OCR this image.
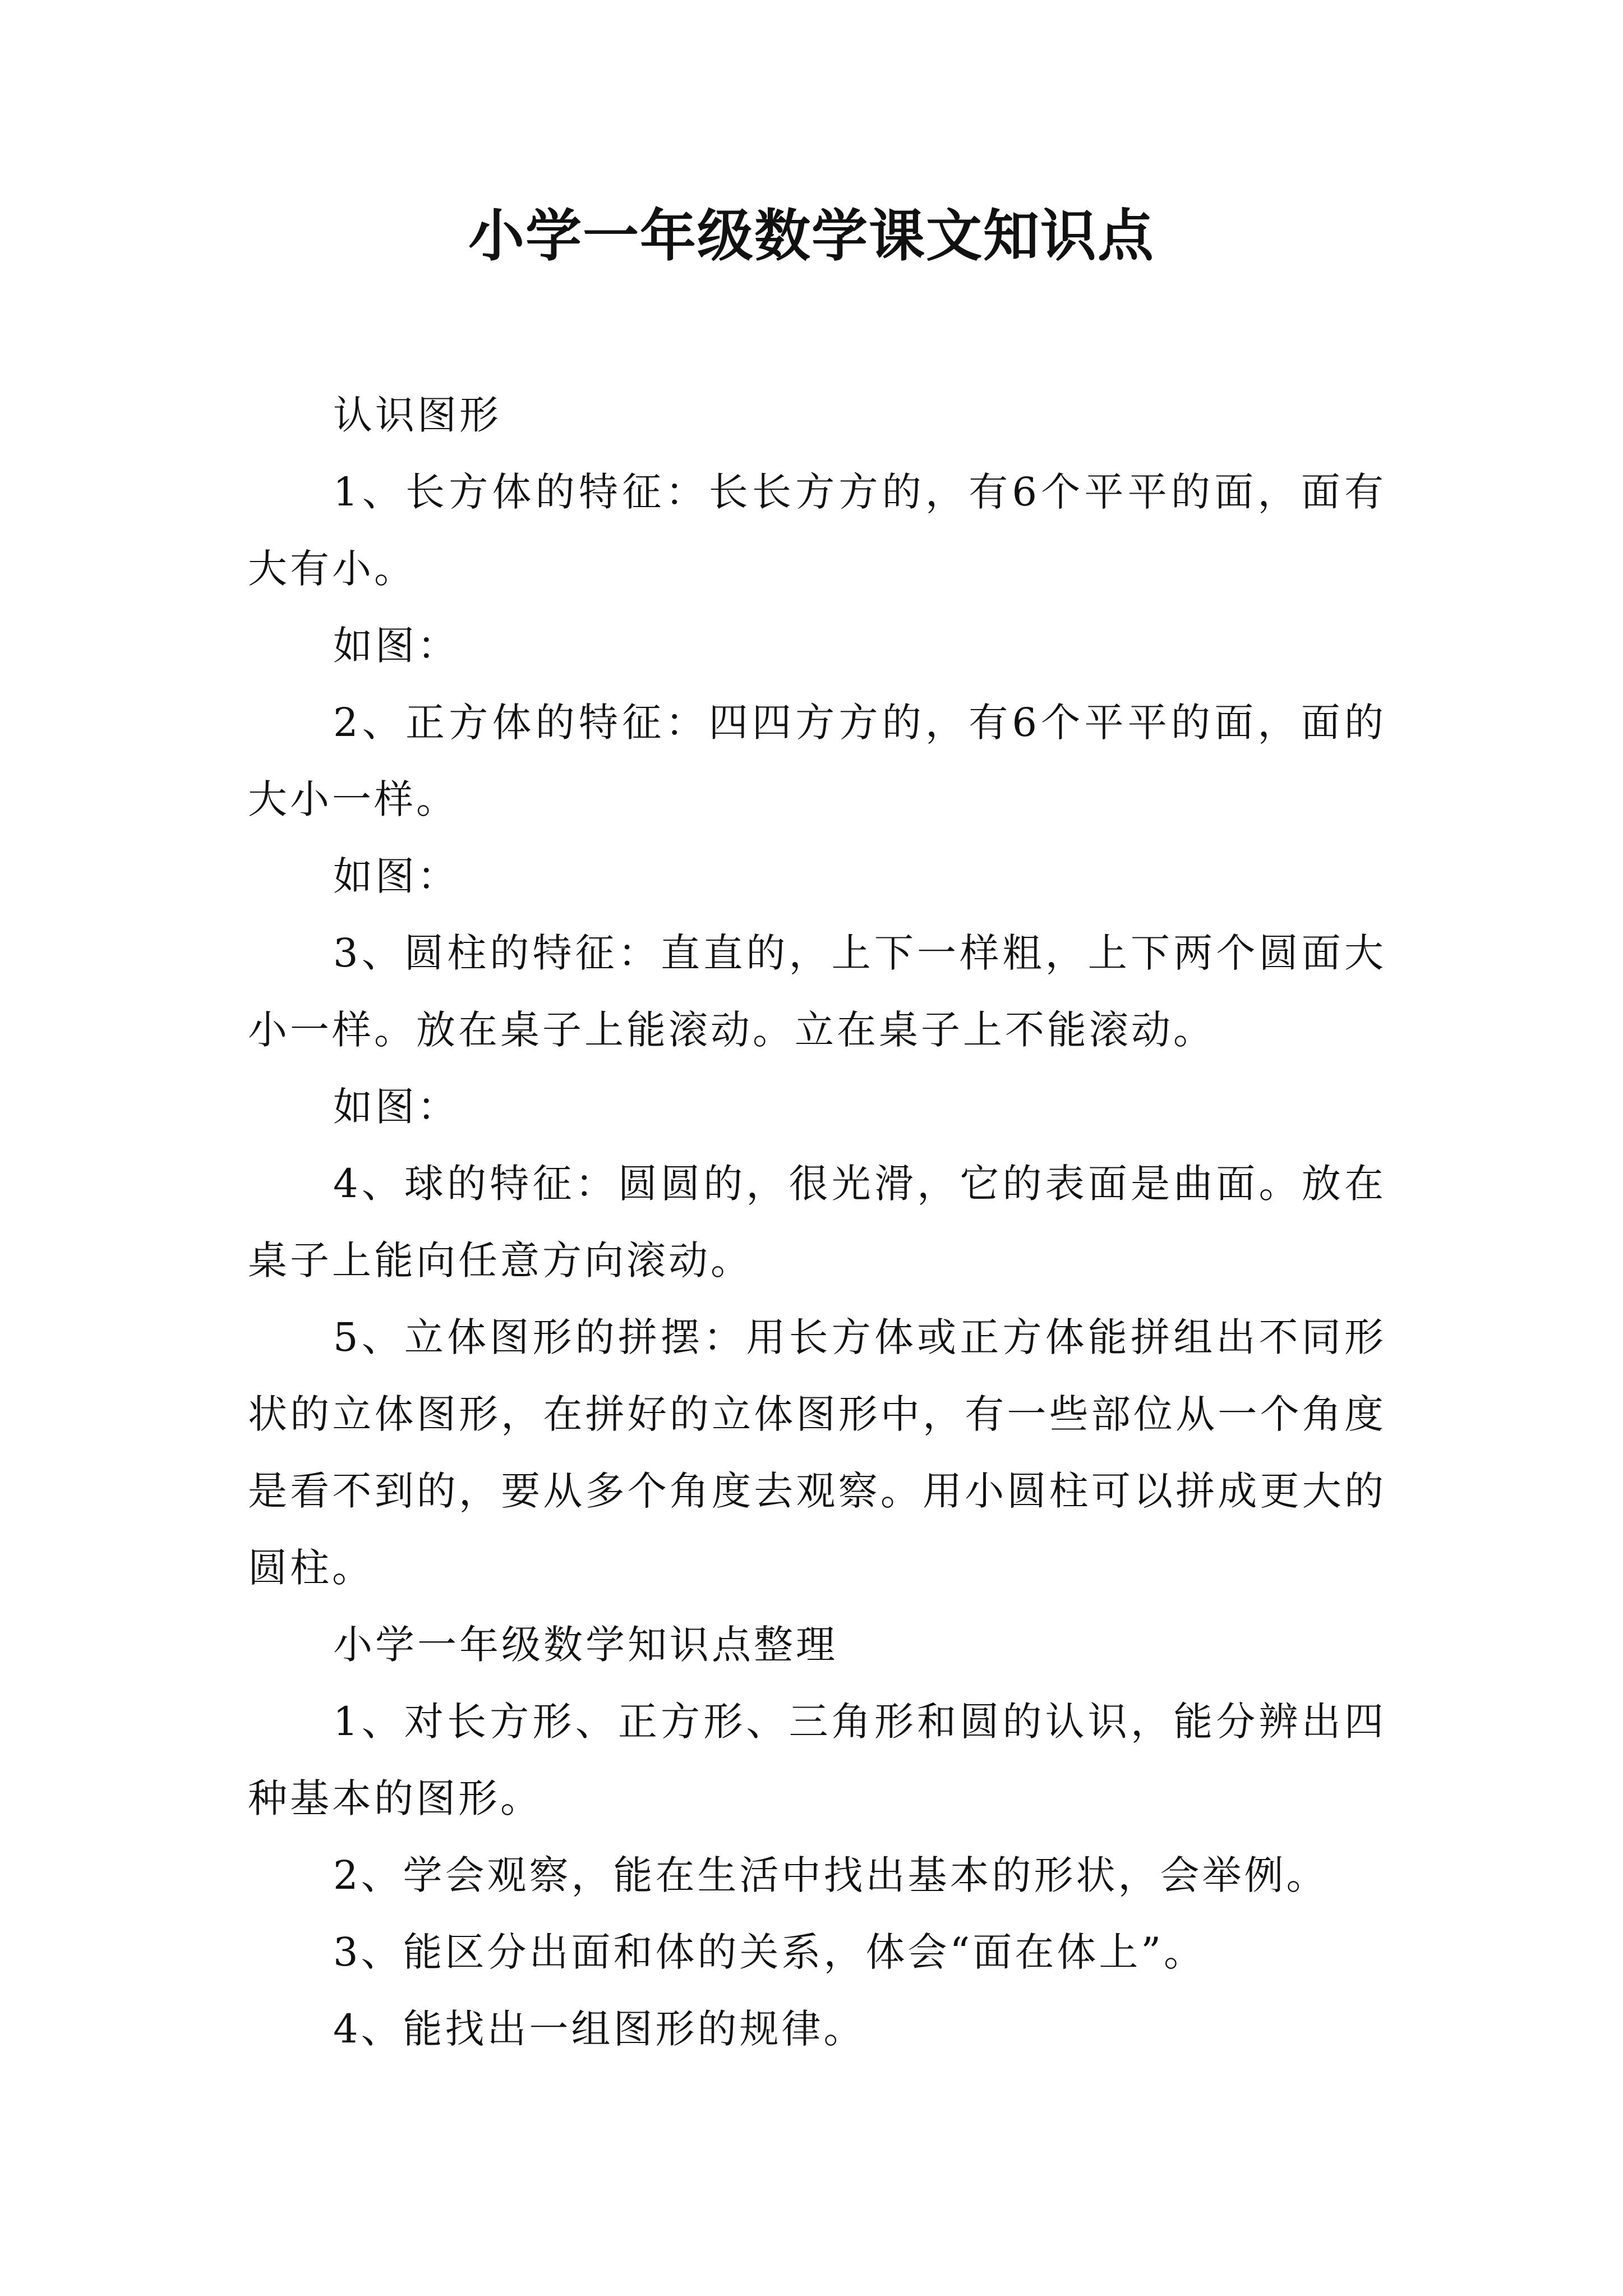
小学一年级数学课文知识点

认识图形

1、长方体的特征：长长方方的，有6个平平的面，面有大有小。

如图：

2、正方体的特征：四四方方的，有6个平平的面，面的大小一样。

如图：

3、圆柱的特征：直直的，上下一样粗，上下两个圆面大小一样。放在桌子上能滚动。立在桌子上不能滚动。

如图：

4、球的特征：圆圆的，很光滑，它的表面是曲面。放在桌子上能向任意方向滚动。

5、立体图形的拼摆：用长方体或正方体能拼组出不同形状的立体图形，在拼好的立体图形中，有一些部位从一个角度是看不到的，要从多个角度去观察。用小圆柱可以拼成更大的圆柱。

小学一年级数学知识点整理

1、对长方形、正方形、三角形和圆的认识，能分辨出四种基本的图形。

2、学会观察，能在生活中找出基本的形状，会举例。

3、能区分出面和体的关系，体会“面在体上”。

4、能找出一组图形的规律。
